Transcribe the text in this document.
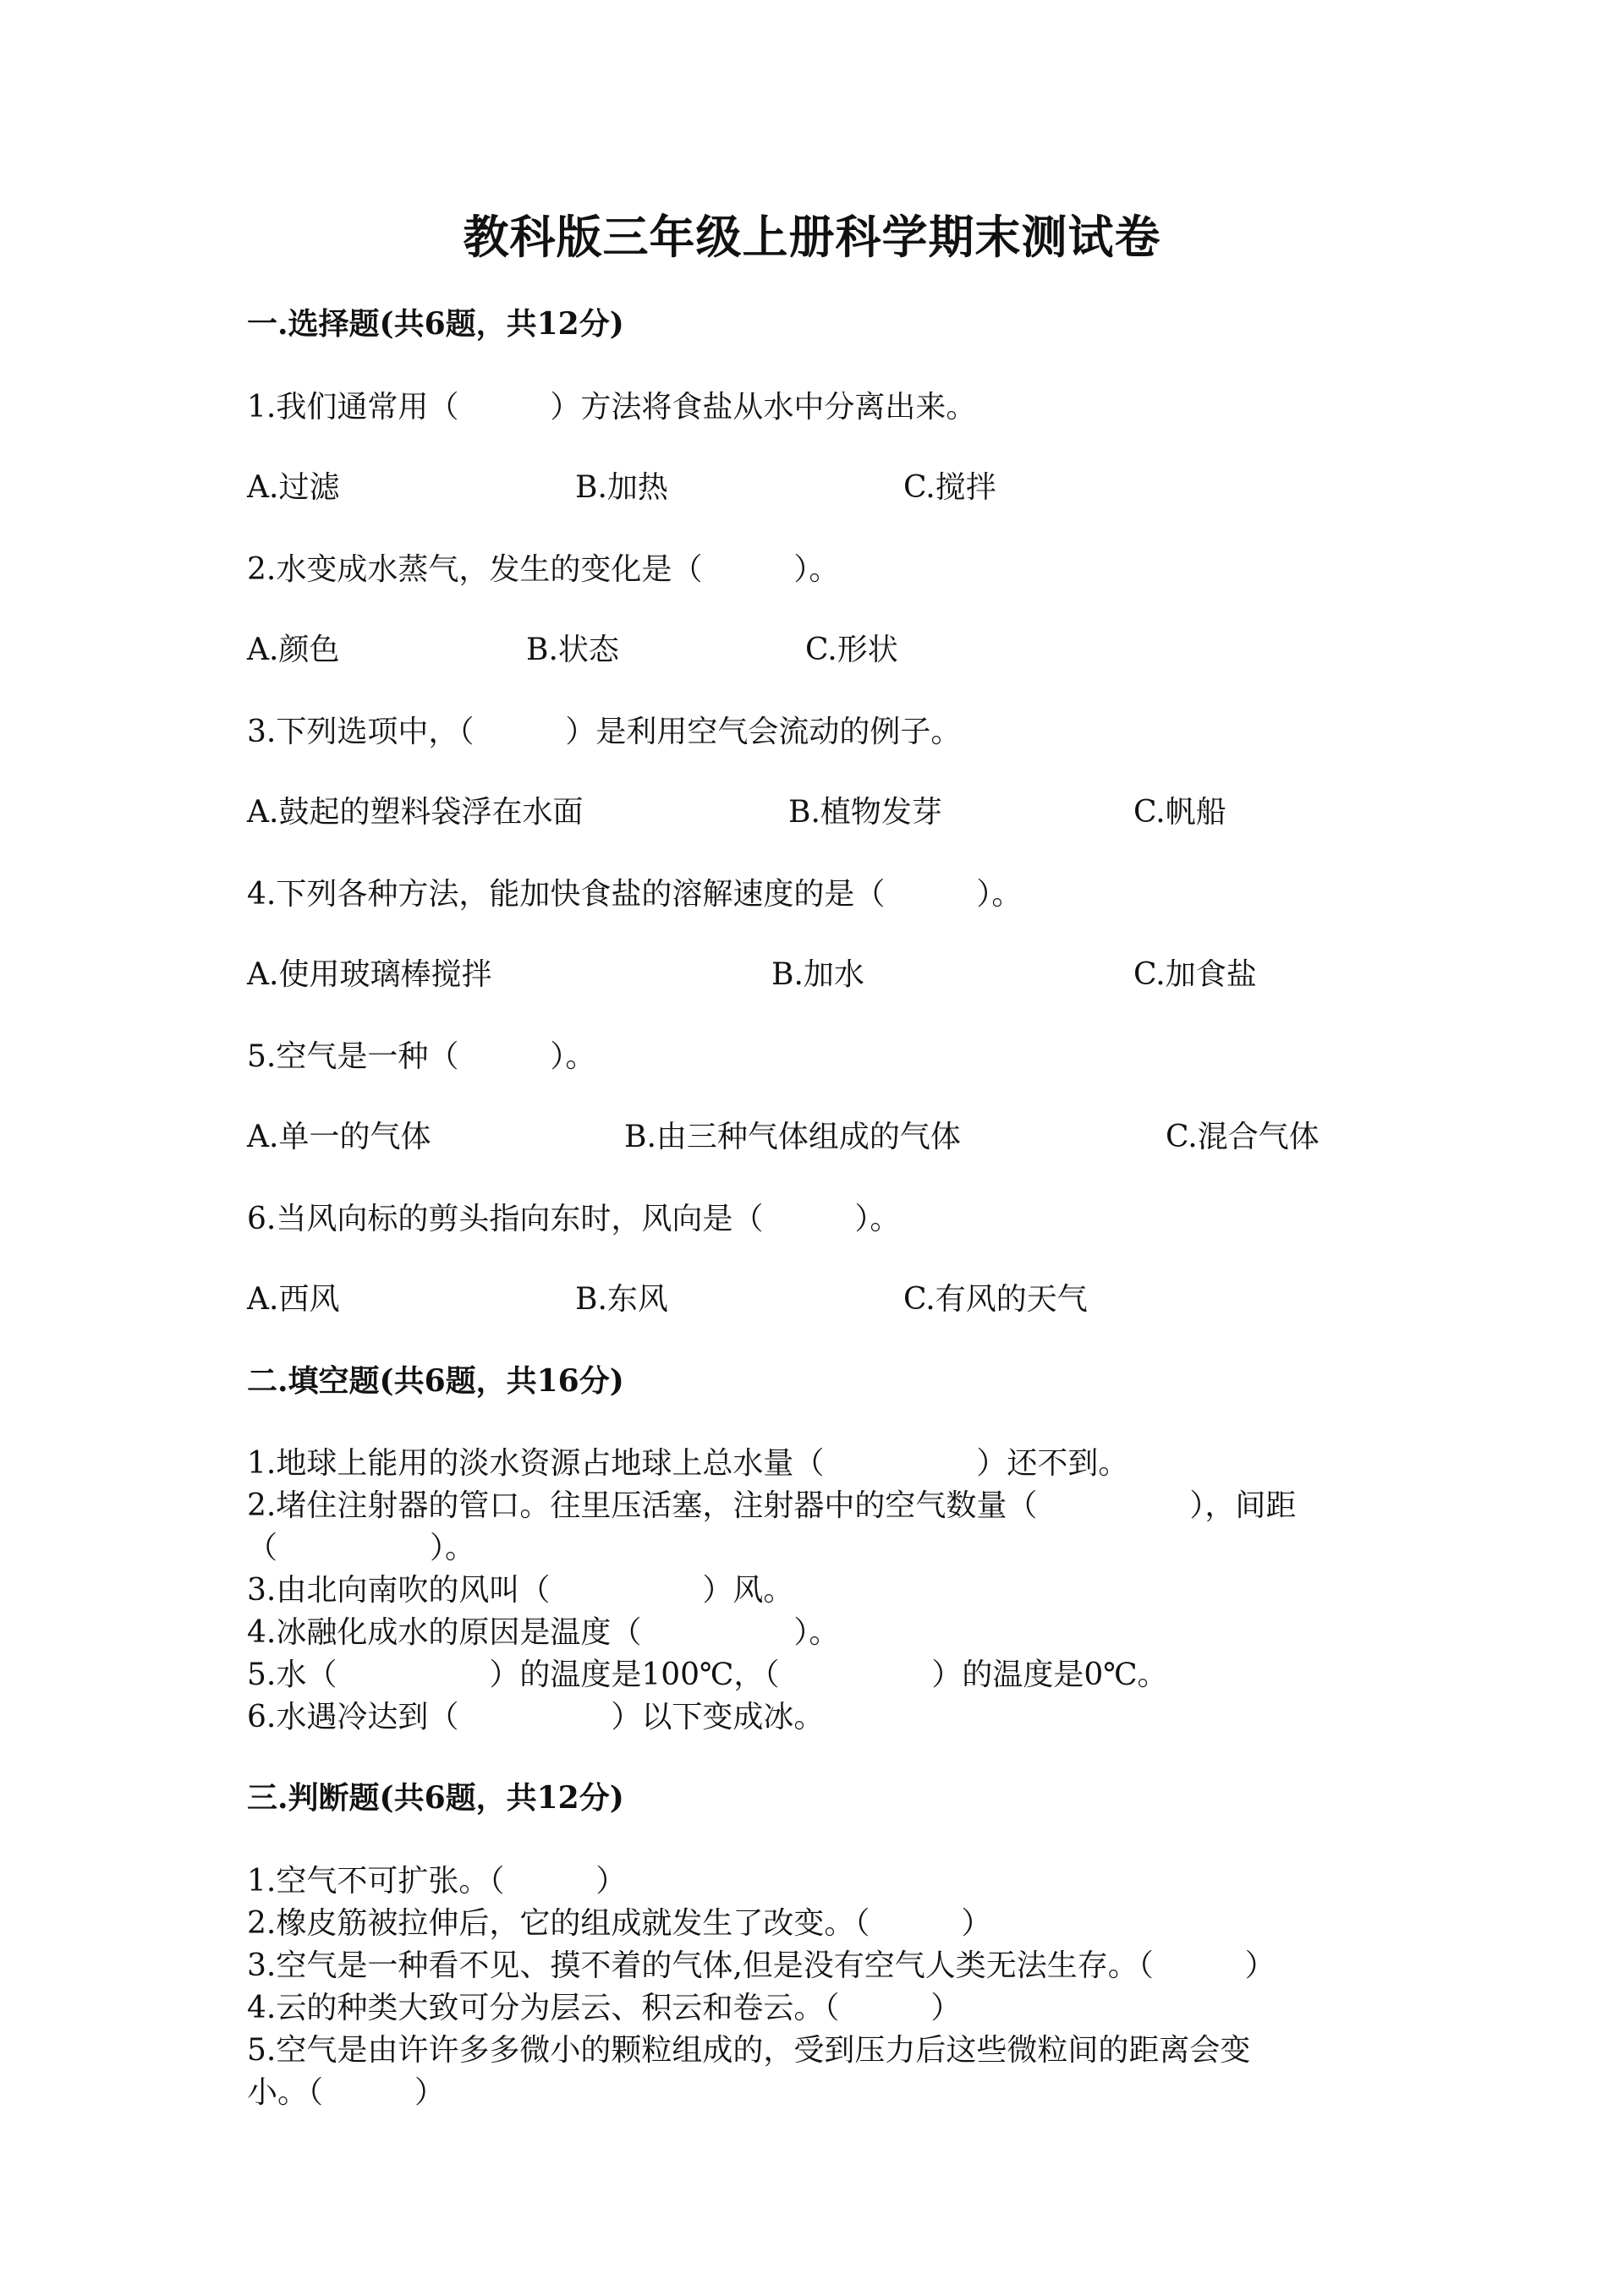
教科版三年级上册科学期末测试卷
一.选择题(共6题，共12分)
1.我们通常用（　　　）方法将食盐从水中分离出来。
A.过滤	B.加热	C.搅拌
2.水变成水蒸气，发生的变化是（　　　）。
A.颜色	B.状态	C.形状
3.下列选项中，（　　　）是利用空气会流动的例子。
A.鼓起的塑料袋浮在水面	B.植物发芽	C.帆船
4.下列各种方法，能加快食盐的溶解速度的是（　　　）。
A.使用玻璃棒搅拌	B.加水	C.加食盐
5.空气是一种（　　　）。
A.单一的气体	B.由三种气体组成的气体	C.混合气体
6.当风向标的剪头指向东时，风向是（　　　）。
A.西风	B.东风	C.有风的天气
二.填空题(共6题，共16分)
1.地球上能用的淡水资源占地球上总水量（　　　　　）还不到。
2.堵住注射器的管口。往里压活塞，注射器中的空气数量（　　　　　），间距
（　　　　　）。
3.由北向南吹的风叫（　　　　　）风。
4.冰融化成水的原因是温度（　　　　　）。
5.水（　　　　　）的温度是100℃，（　　　　　）的温度是0℃。
6.水遇冷达到（　　　　　）以下变成冰。
三.判断题(共6题，共12分)
1.空气不可扩张。（　　　）
2.橡皮筋被拉伸后，它的组成就发生了改变。（　　　）
3.空气是一种看不见、摸不着的气体,但是没有空气人类无法生存。（　　　）
4.云的种类大致可分为层云、积云和卷云。（　　　）
5.空气是由许许多多微小的颗粒组成的，受到压力后这些微粒间的距离会变
小。（　　　）
